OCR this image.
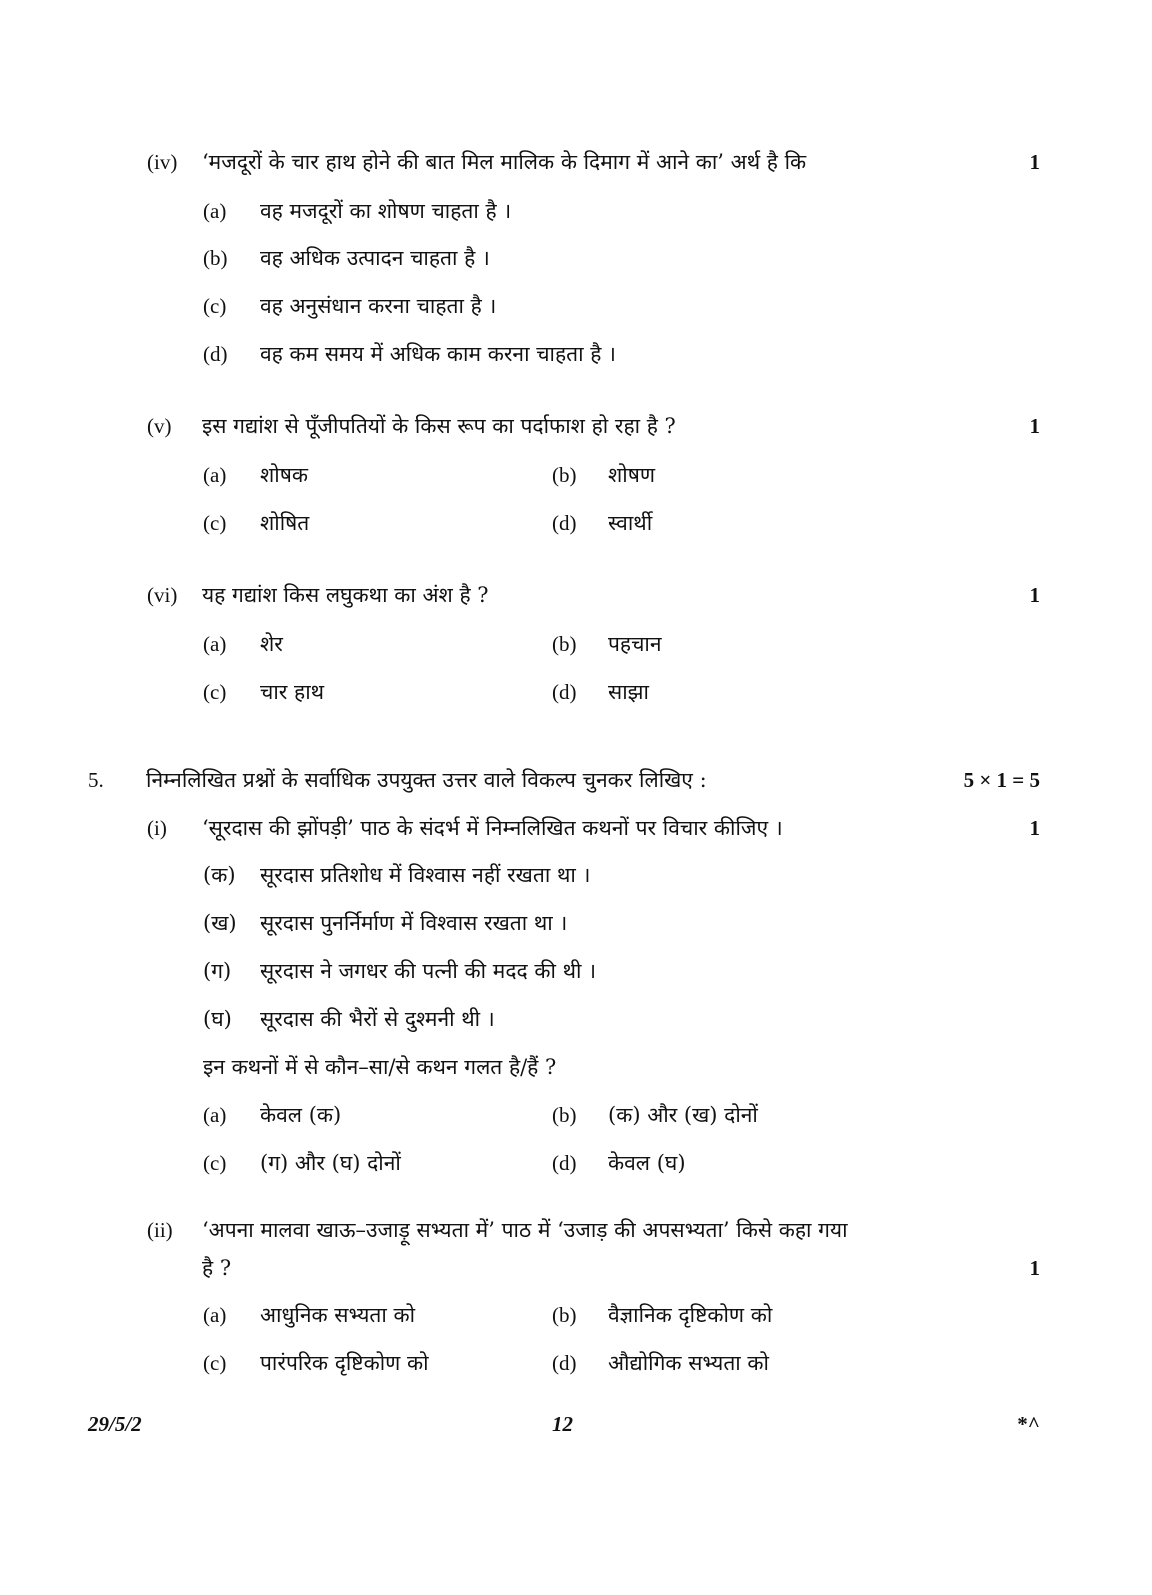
(iv) ‘मजदूरों के चार हाथ होने की बात मिल मालिक के दिमाग में आने का’ अर्थ है कि	1
(a) वह मजदूरों का शोषण चाहता है ।
(b) वह अधिक उत्पादन चाहता है ।
(c) वह अनुसंधान करना चाहता है ।
(d) वह कम समय में अधिक काम करना चाहता है ।
(v) इस गद्यांश से पूँजीपतियों के किस रूप का पर्दाफाश हो रहा है ?	1
(a) शोषक	(b) शोषण
(c) शोषित	(d) स्वार्थी
(vi) यह गद्यांश किस लघुकथा का अंश है ?	1
(a) शेर	(b) पहचान
(c) चार हाथ	(d) साझा
5. निम्नलिखित प्रश्नों के सर्वाधिक उपयुक्त उत्तर वाले विकल्प चुनकर लिखिए :	5 × 1 = 5
(i) ‘सूरदास की झोंपड़ी’ पाठ के संदर्भ में निम्नलिखित कथनों पर विचार कीजिए ।	1
(क) सूरदास प्रतिशोध में विश्वास नहीं रखता था ।
(ख) सूरदास पुनर्निर्माण में विश्वास रखता था ।
(ग) सूरदास ने जगधर की पत्नी की मदद की थी ।
(घ) सूरदास की भैरों से दुश्मनी थी ।
इन कथनों में से कौन–सा/से कथन गलत है/हैं ?
(a) केवल (क)	(b) (क) और (ख) दोनों
(c) (ग) और (घ) दोनों	(d) केवल (घ)
(ii) ‘अपना मालवा खाऊ–उजाड़ू सभ्यता में’ पाठ में ‘उजाड़ की अपसभ्यता’ किसे कहा गया
है ?	1
(a) आधुनिक सभ्यता को	(b) वैज्ञानिक दृष्टिकोण को
(c) पारंपरिक दृष्टिकोण को	(d) औद्योगिक सभ्यता को
29/5/2	12	*^
